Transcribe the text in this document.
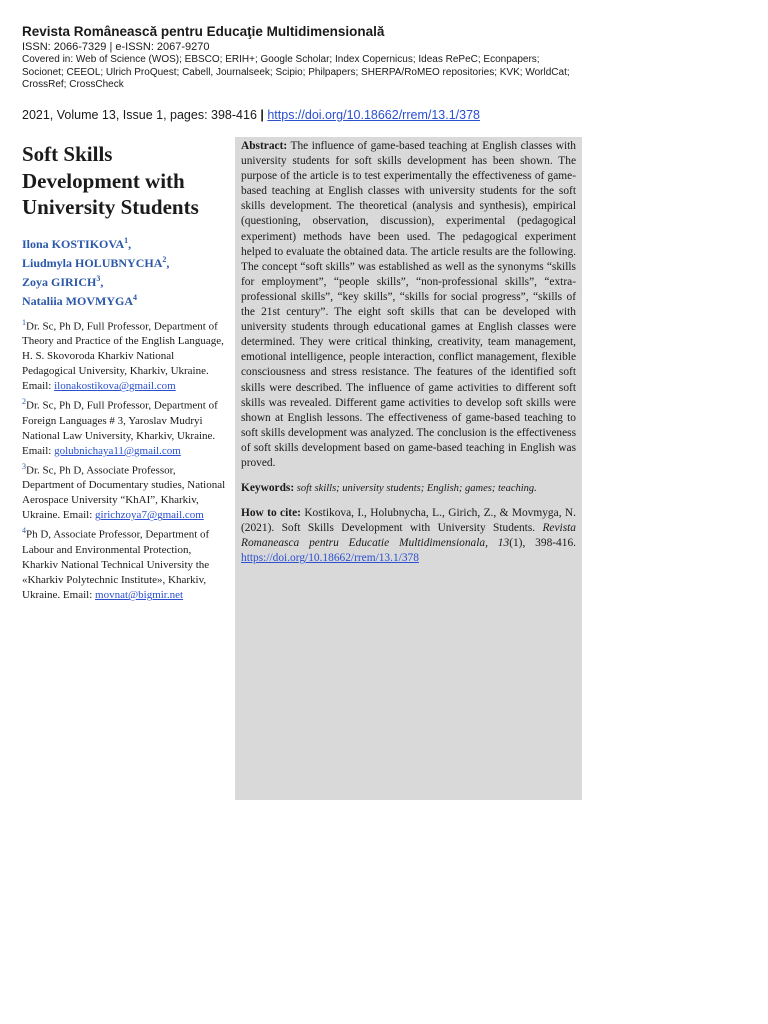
Revista Românească pentru Educaţie Multidimensională

ISSN: 2066-7329 | e-ISSN: 2067-9270

Covered in: Web of Science (WOS); EBSCO; ERIH+; Google Scholar; Index Copernicus; Ideas RePeC; Econpapers; Socionet; CEEOL; Ulrich ProQuest; Cabell, Journalseek; Scipio; Philpapers; SHERPA/RoMEO repositories; KVK; WorldCat; CrossRef; CrossCheck

2021, Volume 13, Issue 1, pages: 398-416 | https://doi.org/10.18662/rrem/13.1/378
Soft Skills Development with University Students

Ilona KOSTIKOVA$^1$,

Liudmyla HOLUBNYCHA$^2$,

Zoya GIRICH$^3$,

Nataliia MOVMYGA$^4$

$^1$Dr. Sc, Ph D, Full Professor, Department of Theory and Practice of the English Language, H. S. Skovoroda Kharkiv National Pedagogical University, Kharkiv, Ukraine. Email: ilonakostikova@gmail.com

$^2$Dr. Sc, Ph D, Full Professor, Department of Foreign Languages # 3, Yaroslav Mudryi National Law University, Kharkiv, Ukraine. Email: golubnichaya11@gmail.com

$^3$Dr. Sc, Ph D, Associate Professor, Department of Documentary studies, National Aerospace University “KhAI”, Kharkiv, Ukraine. Email: girichzoya7@gmail.com

$^4$Ph D, Associate Professor, Department of Labour and Environmental Protection, Kharkiv National Technical University the «Kharkiv Polytechnic Institute», Kharkiv, Ukraine. Email: movnat@bigmir.net

Abstract: The influence of game-based teaching at English classes with university students for soft skills development has been shown. The purpose of the article is to test experimentally the effectiveness of game-based teaching at English classes with university students for the soft skills development. The theoretical (analysis and synthesis), empirical (questioning, observation, discussion), experimental (pedagogical experiment) methods have been used. The pedagogical experiment helped to evaluate the obtained data. The article results are the following. The concept “soft skills” was established as well as the synonyms “skills for employment”, “people skills”, “non-professional skills”, “extra-professional skills”, “key skills”, “skills for social progress”, “skills of the 21st century”. The eight soft skills that can be developed with university students through educational games at English classes were determined. They were critical thinking, creativity, team management, emotional intelligence, people interaction, conflict management, flexible consciousness and stress resistance. The features of the identified soft skills were described. The influence of game activities to different soft skills was revealed. Different game activities to develop soft skills were shown at English lessons. The effectiveness of game-based teaching to soft skills development was analyzed. The conclusion is the effectiveness of soft skills development based on game-based teaching in English was proved.

Keywords: soft skills; university students; English; games; teaching.

How to cite: Kostikova, I., Holubnycha, L., Girich, Z., & Movmyga, N. (2021). Soft Skills Development with University Students. Revista Romaneasca pentru Educatie Multidimensionala, 13(1), 398-416. https://doi.org/10.18662/rrem/13.1/378
